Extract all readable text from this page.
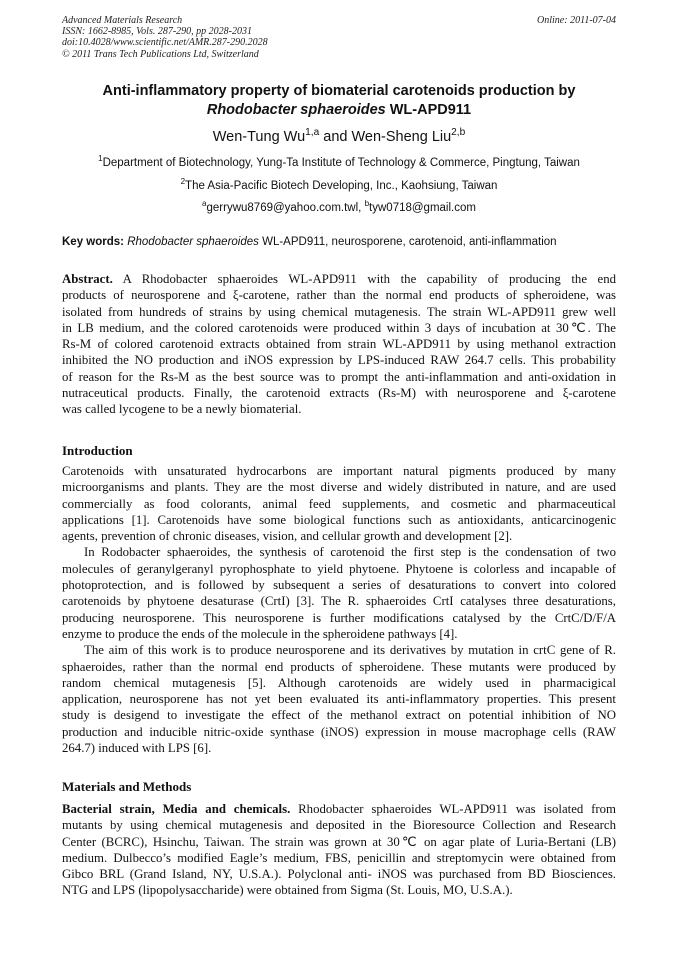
Advanced Materials Research
ISSN: 1662-8985, Vols. 287-290, pp 2028-2031
doi:10.4028/www.scientific.net/AMR.287-290.2028
© 2011 Trans Tech Publications Ltd, Switzerland
Online: 2011-07-04
Anti-inflammatory property of biomaterial carotenoids production by
Rhodobacter sphaeroides WL-APD911
Wen-Tung Wu$^{1,a}$ and Wen-Sheng Liu$^{2,b}$
$^1$Department of Biotechnology, Yung-Ta Institute of Technology & Commerce, Pingtung, Taiwan
$^2$The Asia-Pacific Biotech Developing, Inc., Kaohsiung, Taiwan
$^a$gerrywu8769@yahoo.com.twl, $^b$tyw0718@gmail.com
Key words: Rhodobacter sphaeroides WL-APD911, neurosporene, carotenoid, anti-inflammation
Abstract. A Rhodobacter sphaeroides WL-APD911 with the capability of producing the end
products of neurosporene and ξ-carotene, rather than the normal end products of spheroidene, was
isolated from hundreds of strains by using chemical mutagenesis. The strain WL-APD911 grew well
in LB medium, and the colored carotenoids were produced within 3 days of incubation at 30℃. The
Rs-M of colored carotenoid extracts obtained from strain WL-APD911 by using methanol extraction
inhibited the NO production and iNOS expression by LPS-induced RAW 264.7 cells. This probability
of reason for the Rs-M as the best source was to prompt the anti-inflammation and anti-oxidation in
nutraceutical products. Finally, the carotenoid extracts (Rs-M) with neurosporene and ξ-carotene
was called lycogene to be a newly biomaterial.
Introduction
Carotenoids with unsaturated hydrocarbons are important natural pigments produced by many
microorganisms and plants. They are the most diverse and widely distributed in nature, and are used
commercially as food colorants, animal feed supplements, and cosmetic and pharmaceutical
applications [1]. Carotenoids have some biological functions such as antioxidants, anticarcinogenic
agents, prevention of chronic diseases, vision, and cellular growth and development [2].
In Rodobacter sphaeroides, the synthesis of carotenoid the first step is the condensation of two
molecules of geranylgeranyl pyrophosphate to yield phytoene. Phytoene is colorless and incapable of
photoprotection, and is followed by subsequent a series of desaturations to convert into colored
carotenoids by phytoene desaturase (CrtI) [3]. The R. sphaeroides CrtI catalyses three desaturations,
producing neurosporene. This neurosporene is further modifications catalysed by the CrtC/D/F/A
enzyme to produce the ends of the molecule in the spheroidene pathways [4].
The aim of this work is to produce neurosporene and its derivatives by mutation in crtC gene of R.
sphaeroides, rather than the normal end products of spheroidene. These mutants were produced by
random chemical mutagenesis [5]. Although carotenoids are widely used in pharmacigical
application, neurosporene has not yet been evaluated its anti-inflammatory properties. This present
study is desigend to investigate the effect of the methanol extract on potential inhibition of NO
production and inducible nitric-oxide synthase (iNOS) expression in mouse macrophage cells (RAW
264.7) induced with LPS [6].
Materials and Methods
Bacterial strain, Media and chemicals. Rhodobacter sphaeroides WL-APD911 was isolated from
mutants by using chemical mutagenesis and deposited in the Bioresource Collection and Research
Center (BCRC), Hsinchu, Taiwan. The strain was grown at 30℃ on agar plate of Luria-Bertani (LB)
medium. Dulbecco’s modified Eagle’s medium, FBS, penicillin and streptomycin were obtained from
Gibco BRL (Grand Island, NY, U.S.A.). Polyclonal anti- iNOS was purchased from BD Biosciences.
NTG and LPS (lipopolysaccharide) were obtained from Sigma (St. Louis, MO, U.S.A.).
